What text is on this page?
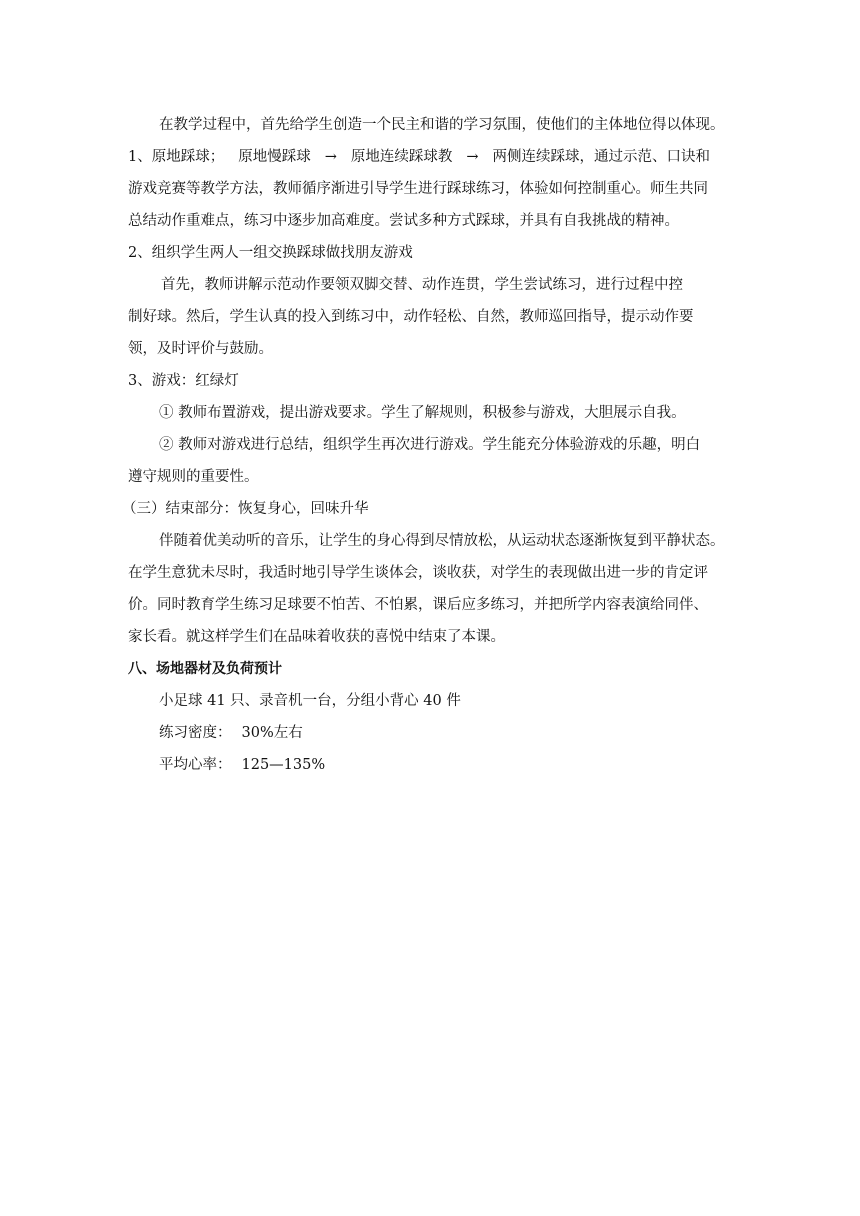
在教学过程中，首先给学生创造一个民主和谐的学习氛围，使他们的主体地位得以体现。
1、原地踩球； 原地慢踩球 → 原地连续踩球教 → 两侧连续踩球，通过示范、口诀和
游戏竞赛等教学方法，教师循序渐进引导学生进行踩球练习，体验如何控制重心。师生共同
总结动作重难点，练习中逐步加高难度。尝试多种方式踩球，并具有自我挑战的精神。
2、组织学生两人一组交换踩球做找朋友游戏
首先，教师讲解示范动作要领双脚交替、动作连贯，学生尝试练习，进行过程中控
制好球。然后，学生认真的投入到练习中，动作轻松、自然，教师巡回指导，提示动作要
领，及时评价与鼓励。
3、游戏：红绿灯
① 教师布置游戏，提出游戏要求。学生了解规则，积极参与游戏，大胆展示自我。
② 教师对游戏进行总结，组织学生再次进行游戏。学生能充分体验游戏的乐趣，明白
遵守规则的重要性。
（三）结束部分：恢复身心，回味升华
伴随着优美动听的音乐，让学生的身心得到尽情放松，从运动状态逐渐恢复到平静状态。
在学生意犹未尽时，我适时地引导学生谈体会，谈收获，对学生的表现做出进一步的肯定评
价。同时教育学生练习足球要不怕苦、不怕累，课后应多练习，并把所学内容表演给同伴、
家长看。就这样学生们在品味着收获的喜悦中结束了本课。
八、场地器材及负荷预计
小足球 41 只、录音机一台，分组小背心 40 件
练习密度： 30%左右
平均心率： 125—135%
